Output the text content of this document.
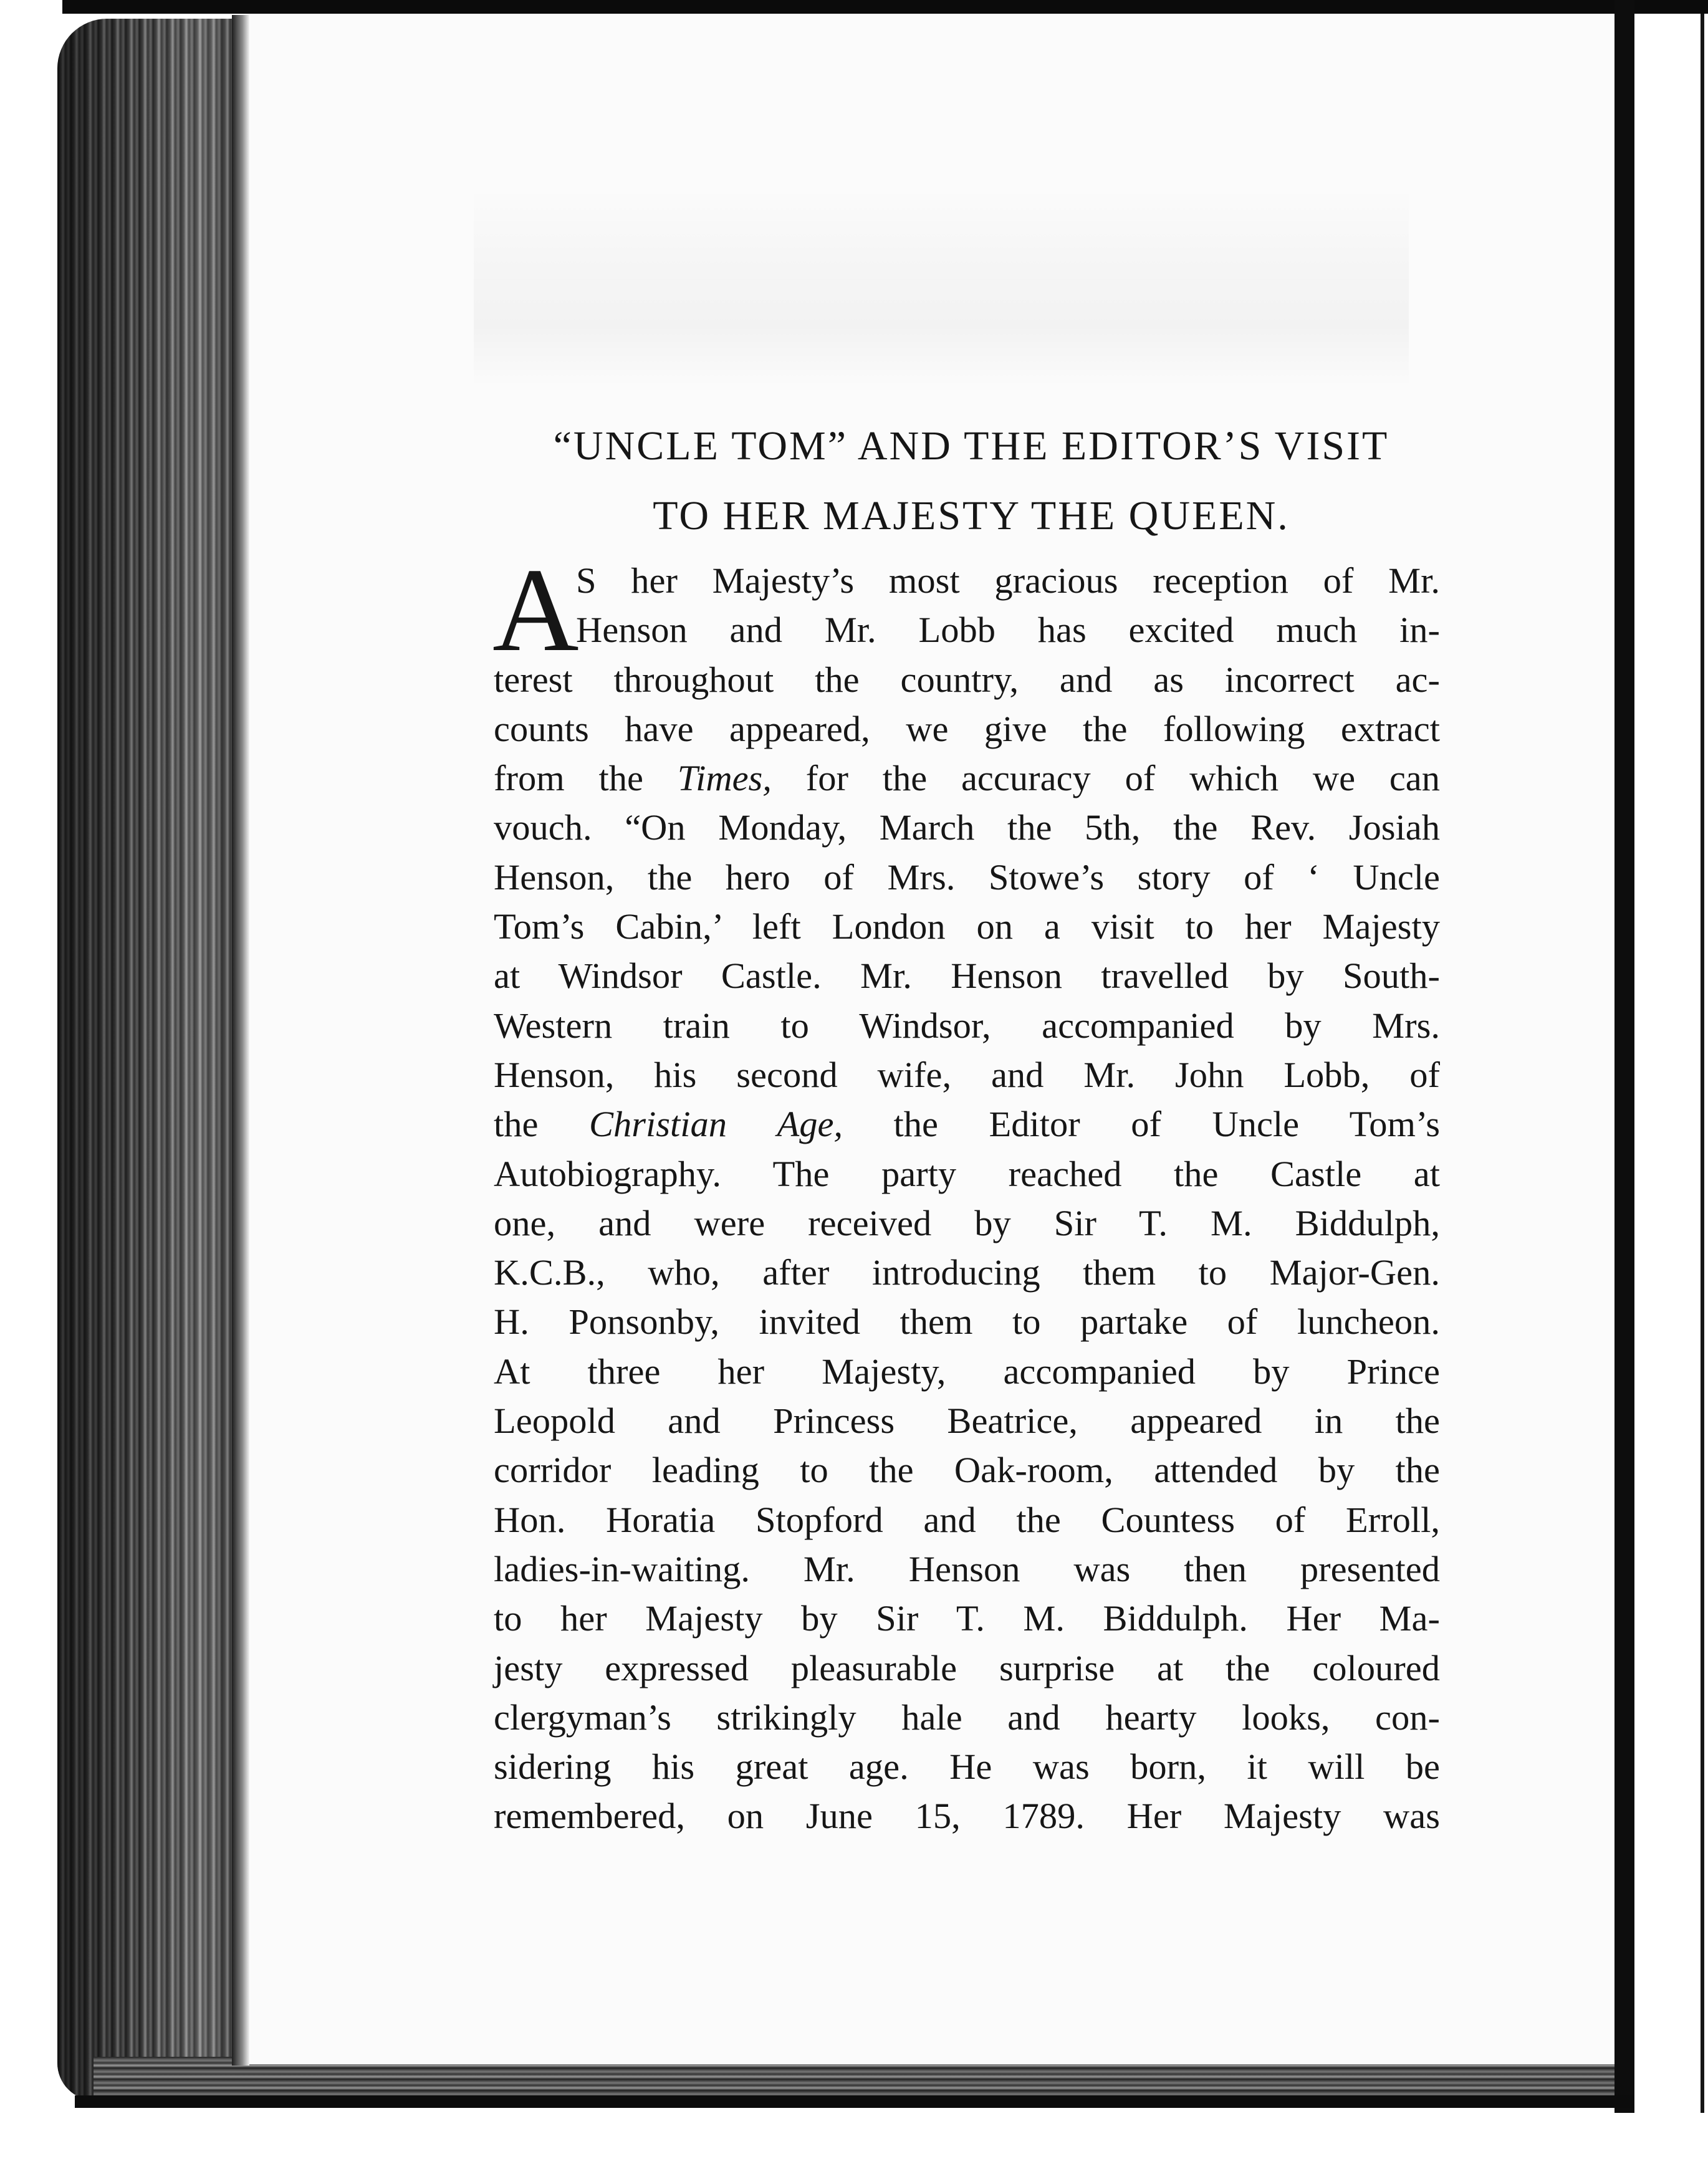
“UNCLE TOM” AND THE EDITOR’S VISIT
TO HER MAJESTY THE QUEEN.
A
S her Majesty’s most gracious reception of Mr.
Henson and Mr. Lobb has excited much in-
terest throughout the country, and as incorrect ac-
counts have appeared, we give the following extract
from the Times, for the accuracy of which we can
vouch. “On Monday, March the 5th, the Rev. Josiah
Henson, the hero of Mrs. Stowe’s story of ‘ Uncle
Tom’s Cabin,’ left London on a visit to her Majesty
at Windsor Castle. Mr. Henson travelled by South-
Western train to Windsor, accompanied by Mrs.
Henson, his second wife, and Mr. John Lobb, of
the Christian Age, the Editor of Uncle Tom’s
Autobiography. The party reached the Castle at
one, and were received by Sir T. M. Biddulph,
K.C.B., who, after introducing them to Major-Gen.
H. Ponsonby, invited them to partake of luncheon.
At three her Majesty, accompanied by Prince
Leopold and Princess Beatrice, appeared in the
corridor leading to the Oak-room, attended by the
Hon. Horatia Stopford and the Countess of Erroll,
ladies-in-waiting. Mr. Henson was then presented
to her Majesty by Sir T. M. Biddulph. Her Ma-
jesty expressed pleasurable surprise at the coloured
clergyman’s strikingly hale and hearty looks, con-
sidering his great age. He was born, it will be
remembered, on June 15, 1789. Her Majesty was
